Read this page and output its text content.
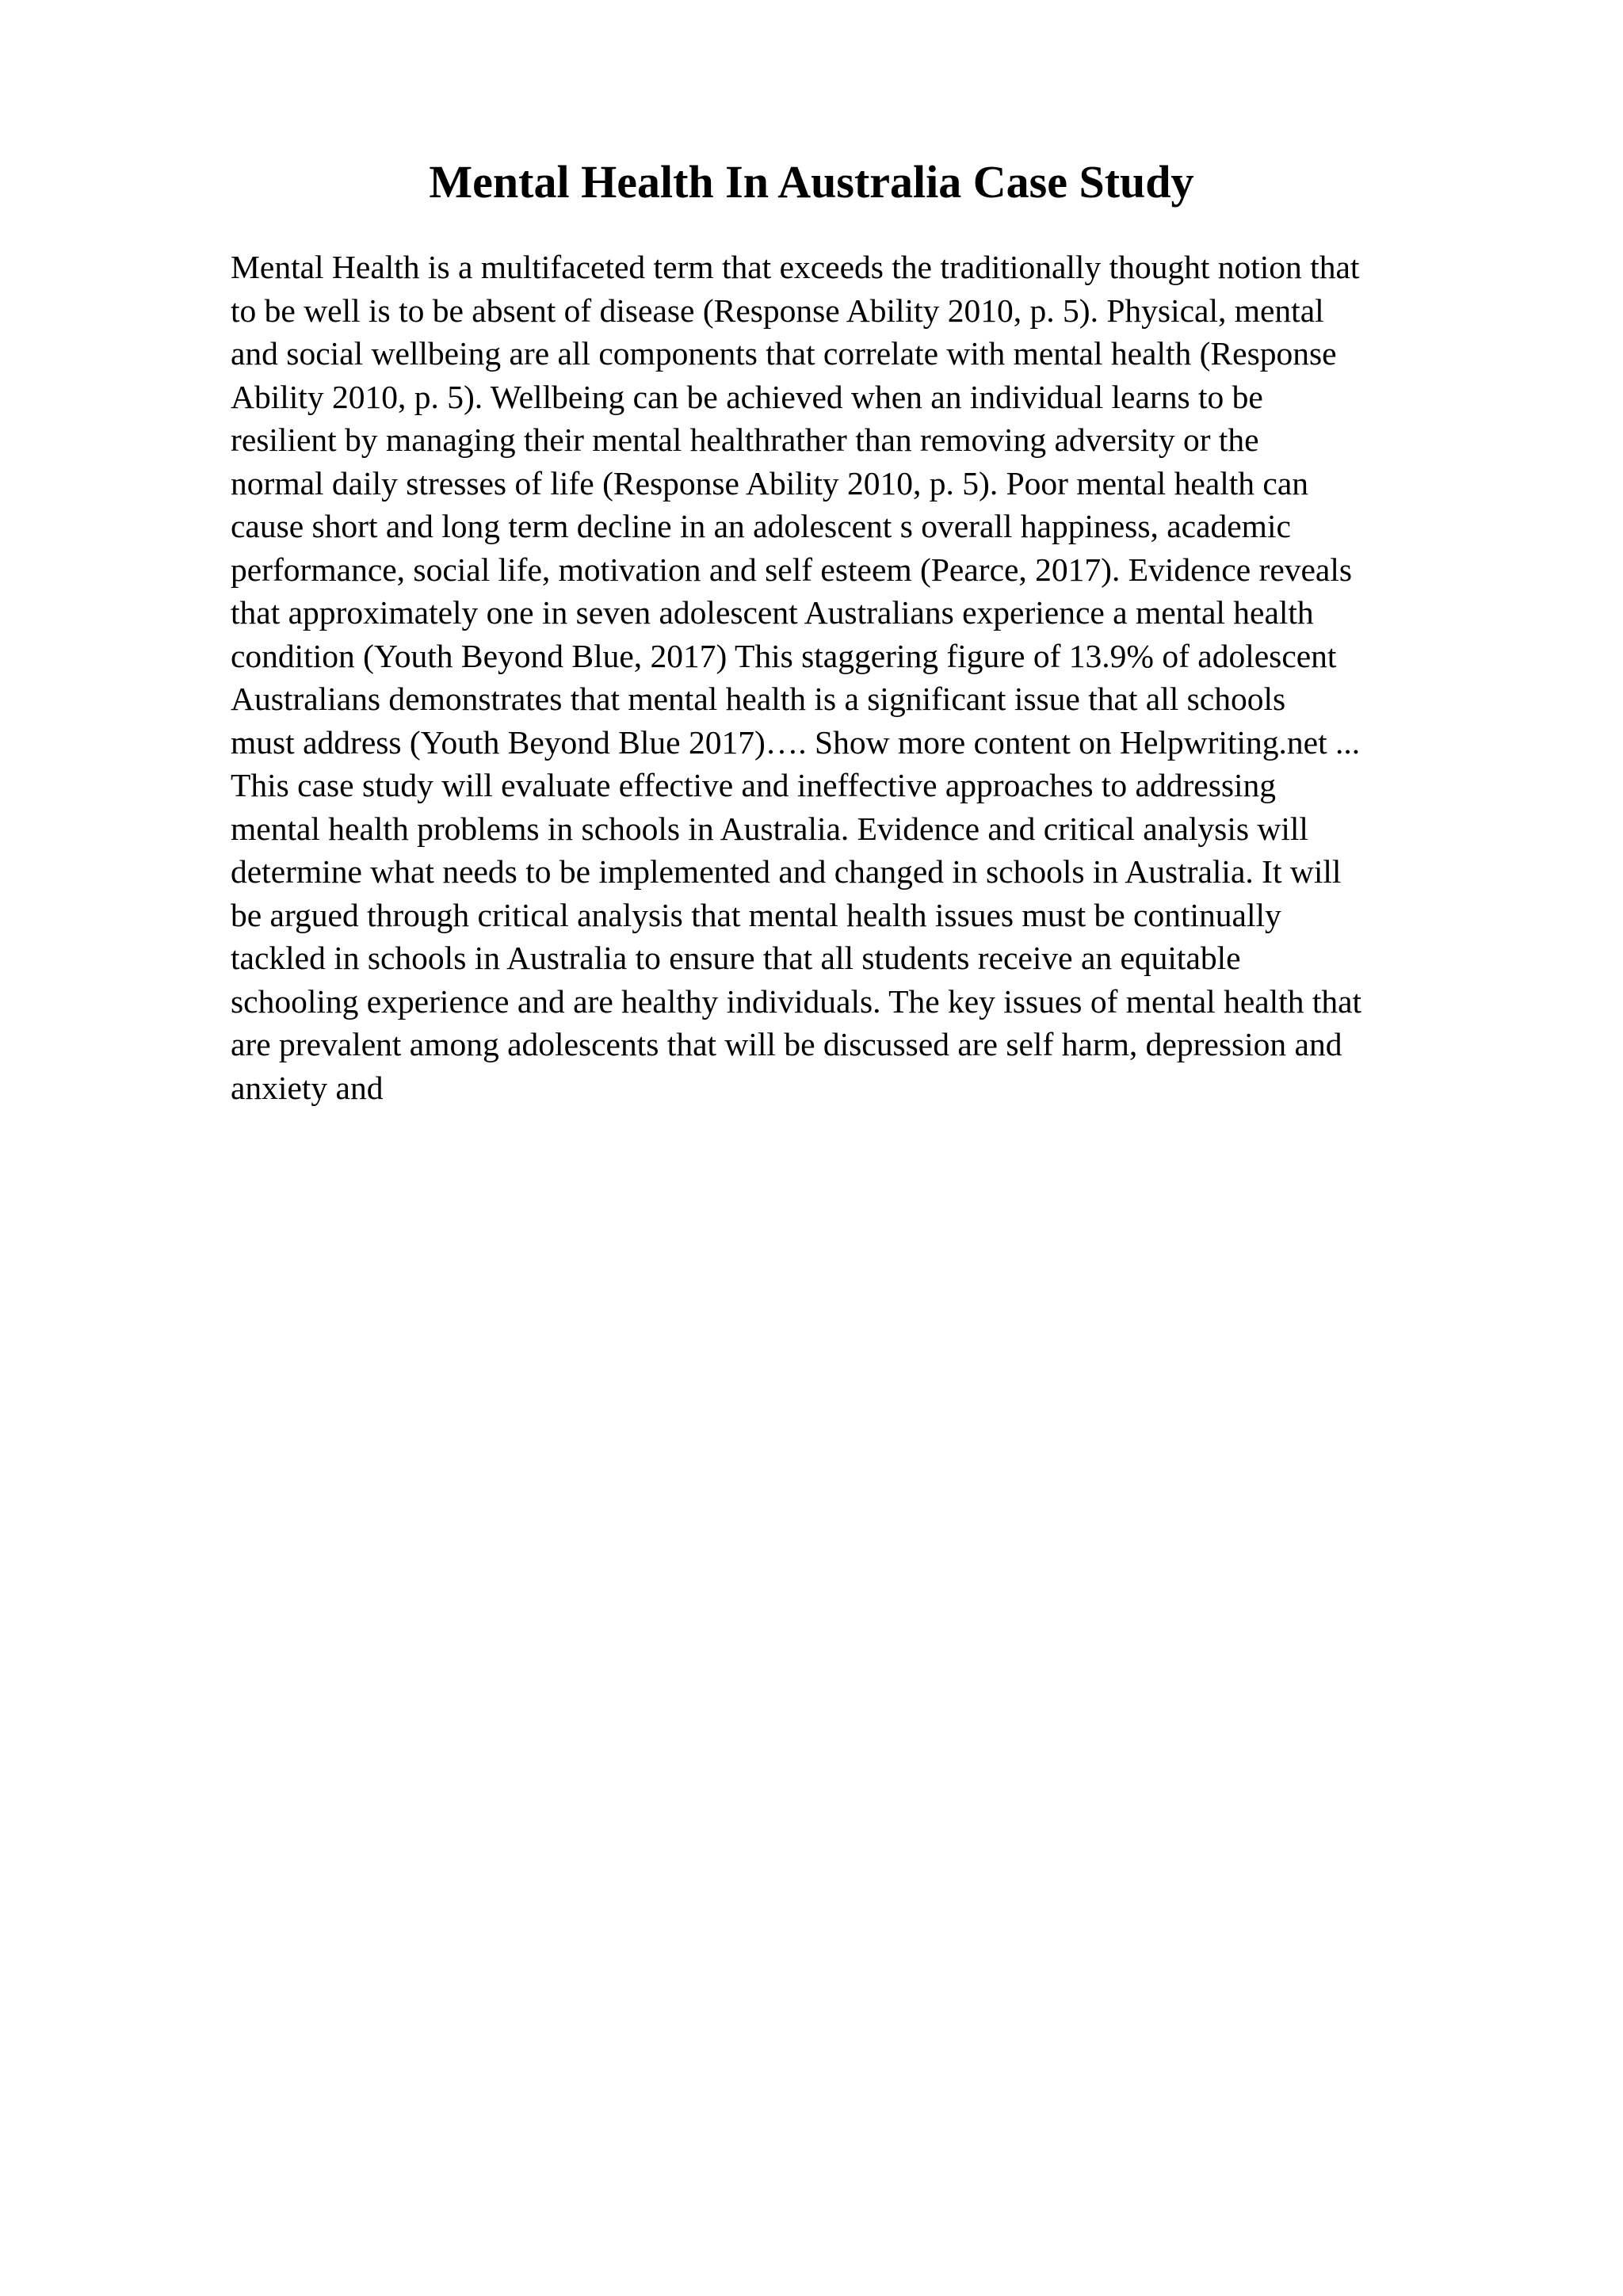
Mental Health In Australia Case Study
Mental Health is a multifaceted term that exceeds the traditionally thought notion that
to be well is to be absent of disease (Response Ability 2010, p. 5). Physical, mental
and social wellbeing are all components that correlate with mental health (Response
Ability 2010, p. 5). Wellbeing can be achieved when an individual learns to be
resilient by managing their mental healthrather than removing adversity or the
normal daily stresses of life (Response Ability 2010, p. 5). Poor mental health can
cause short and long term decline in an adolescent s overall happiness, academic
performance, social life, motivation and self esteem (Pearce, 2017). Evidence reveals
that approximately one in seven adolescent Australians experience a mental health
condition (Youth Beyond Blue, 2017) This staggering figure of 13.9% of adolescent
Australians demonstrates that mental health is a significant issue that all schools
must address (Youth Beyond Blue 2017)…. Show more content on Helpwriting.net ...
This case study will evaluate effective and ineffective approaches to addressing
mental health problems in schools in Australia. Evidence and critical analysis will
determine what needs to be implemented and changed in schools in Australia. It will
be argued through critical analysis that mental health issues must be continually
tackled in schools in Australia to ensure that all students receive an equitable
schooling experience and are healthy individuals. The key issues of mental health that
are prevalent among adolescents that will be discussed are self harm, depression and
anxiety and
